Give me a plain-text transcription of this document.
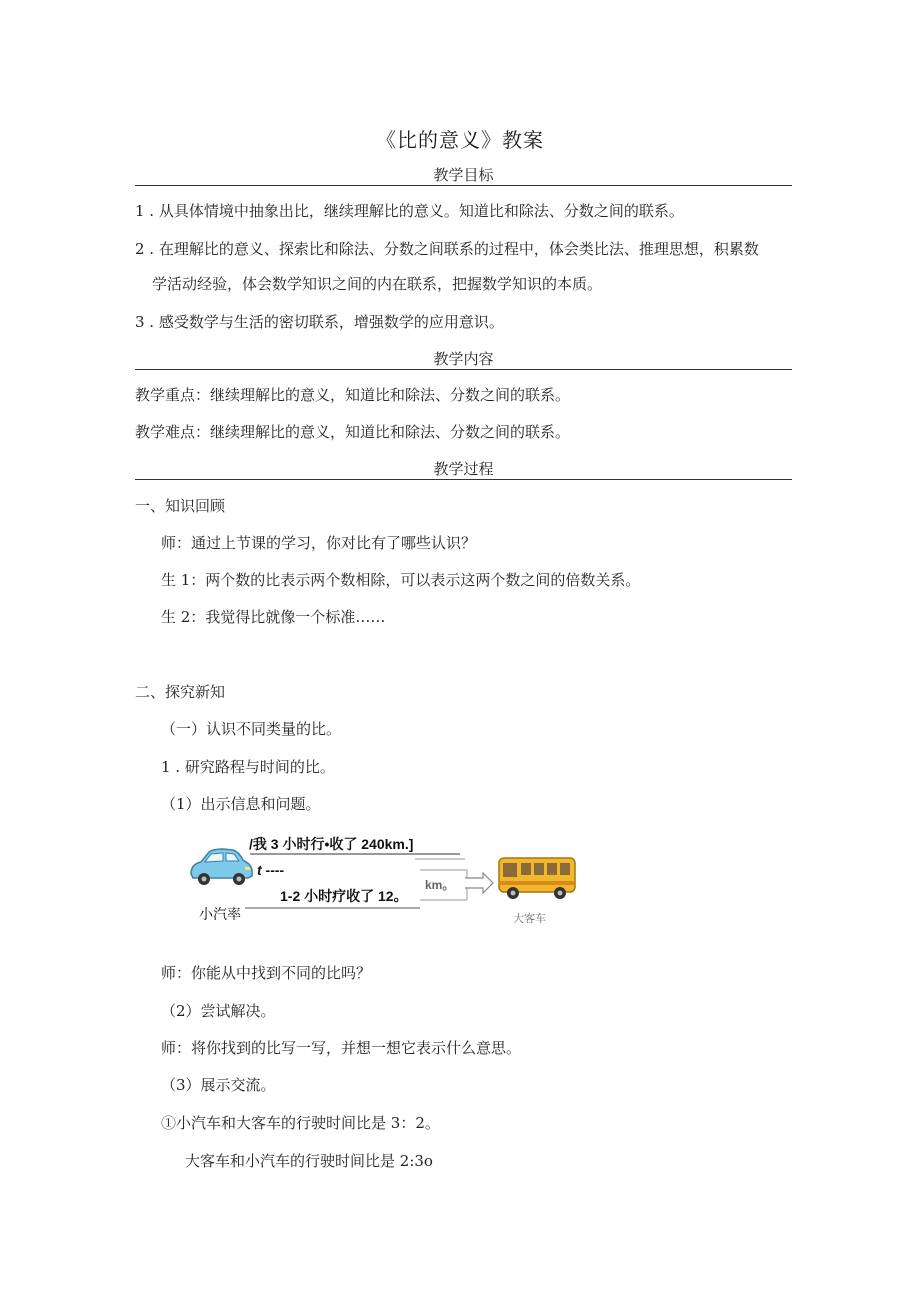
《比的意义》教案
教学目标
1 . 从具体情境中抽象出比，继续理解比的意义。知道比和除法、分数之间的联系。
2 . 在理解比的意义、探索比和除法、分数之间联系的过程中，体会类比法、推理思想，积累数
学活动经验，体会数学知识之间的内在联系，把握数学知识的本质。
3 . 感受数学与生活的密切联系，增强数学的应用意识。
教学内容
教学重点：继续理解比的意义，知道比和除法、分数之间的联系。
教学难点：继续理解比的意义，知道比和除法、分数之间的联系。
教学过程
一、知识回顾
师：通过上节课的学习，你对比有了哪些认识？
生 1：两个数的比表示两个数相除，可以表示这两个数之间的倍数关系。
生 2：我觉得比就像一个标准……
二、探究新知
（一）认识不同类量的比。
1 . 研究路程与时间的比。
（1）出示信息和问题。
/我 3 小时行•收了 240km.]
t ----
1-2 小时疗收了 12。
km。
小汽率	大客车
师：你能从中找到不同的比吗？
（2）尝试解决。
师：将你找到的比写一写，并想一想它表示什么意思。
（3）展示交流。
①小汽车和大客车的行驶时间比是 3：2。
大客车和小汽车的行驶时间比是 2:3o
